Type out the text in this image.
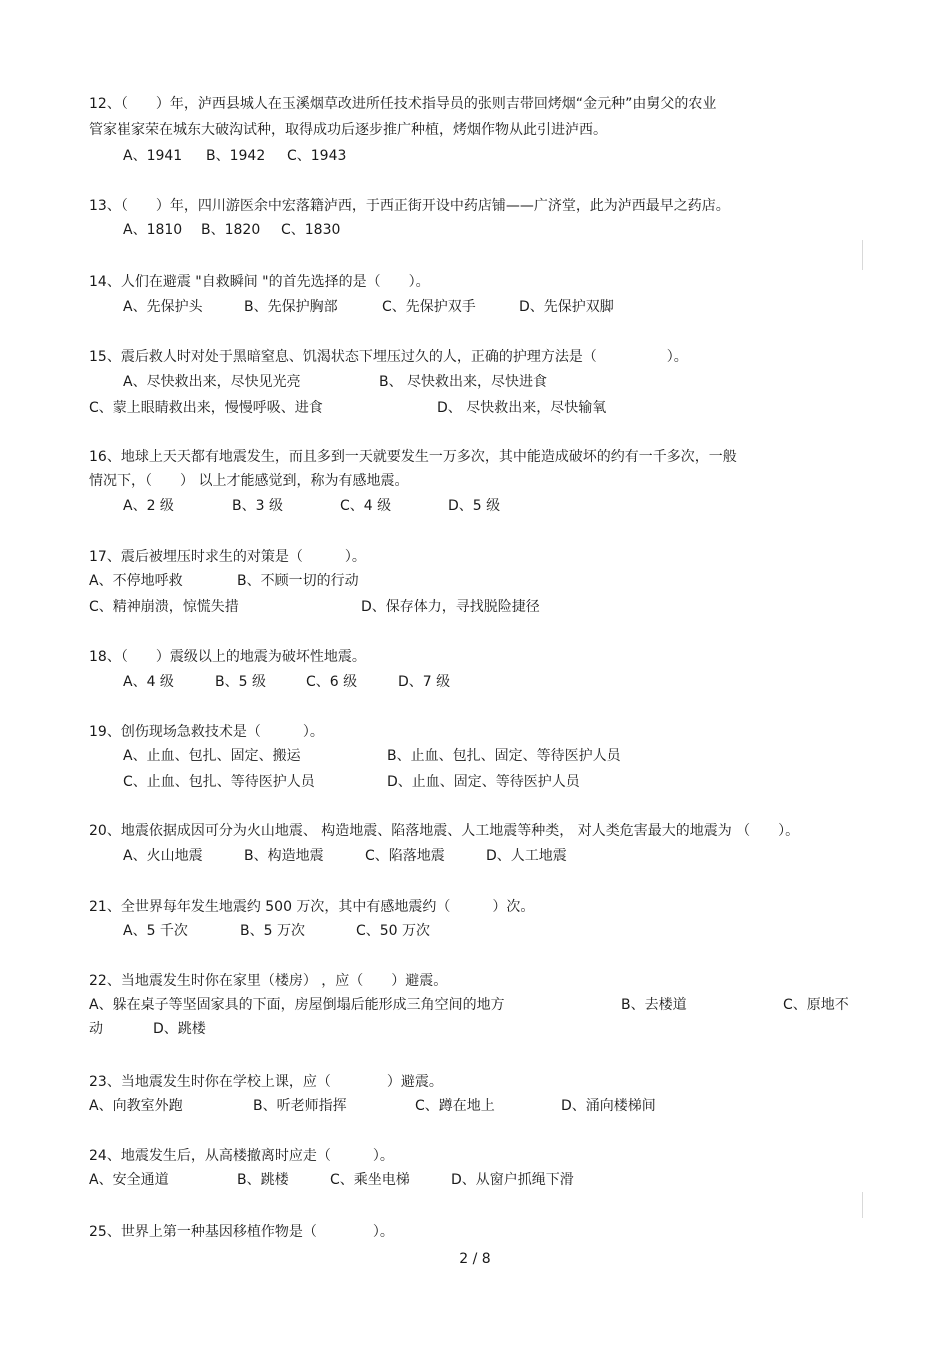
12、（　　）年，泸西县城人在玉溪烟草改进所任技术指导员的张则吉带回烤烟“金元种”由舅父的农业
管家崔家荣在城东大破沟试种，取得成功后逐步推广种植，烤烟作物从此引进泸西。
A、1941 B、1942 C、1943
13、（　　）年，四川游医余中宏落籍泸西，于西正街开设中药店铺——广济堂，此为泸西最早之药店。
A、1810 B、1820 C、1830
14、人们在避震 "自救瞬间 "的首先选择的是（　　）。
A、先保护头	B、先保护胸部	C、先保护双手	D、先保护双脚
15、震后救人时对处于黑暗窒息、饥渴状态下埋压过久的人，正确的护理方法是（　　　　　）。
A、尽快救出来，尽快见光亮	B、 尽快救出来，尽快进食
C、蒙上眼睛救出来，慢慢呼吸、进食	D、 尽快救出来，尽快输氧
16、地球上天天都有地震发生，而且多到一天就要发生一万多次，其中能造成破坏的约有一千多次，一般
情况下，（　　） 以上才能感觉到，称为有感地震。
A、2 级	B、3 级	C、4 级	D、5 级
17、震后被埋压时求生的对策是（　　　）。
A、不停地呼救	B、不顾一切的行动
C、精神崩溃，惊慌失措	D、保存体力，寻找脱险捷径
18、（　　）震级以上的地震为破坏性地震。
A、4 级	B、5 级	C、6 级	D、7 级
19、创伤现场急救技术是（　　　）。
A、止血、包扎、固定、搬运	B、止血、包扎、固定、等待医护人员
C、止血、包扎、等待医护人员	D、止血、固定、等待医护人员
20、地震依据成因可分为火山地震、 构造地震、陷落地震、人工地震等种类， 对人类危害最大的地震为 （　　）。
A、火山地震	B、构造地震	C、陷落地震	D、人工地震
21、全世界每年发生地震约 500 万次，其中有感地震约（　　　）次。
A、5 千次	B、5 万次	C、50 万次
22、当地震发生时你在家里（楼房） ，应（　　）避震。
A、躲在桌子等坚固家具的下面，房屋倒塌后能形成三角空间的地方	B、去楼道	C、原地不
动	D、跳楼
23、当地震发生时你在学校上课，应（　　　　）避震。
A、向教室外跑	B、听老师指挥	C、蹲在地上	D、涌向楼梯间
24、地震发生后，从高楼撤离时应走（　　　）。
A、安全通道	B、跳楼	C、乘坐电梯	D、从窗户抓绳下滑
25、世界上第一种基因移植作物是（　　　　）。
2 / 8
